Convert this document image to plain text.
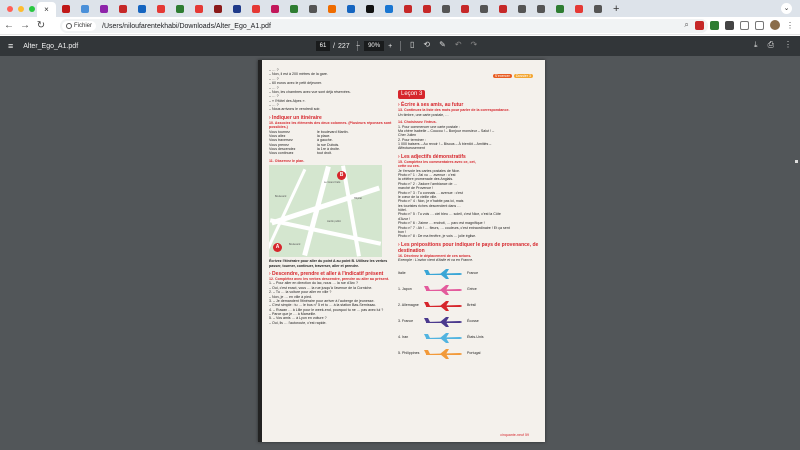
×	+	⌄
← → ↻	Fichier /Users/niloufarentekhabi/Downloads/Alter_Ego_A1.pdf	⌕	⋮
≡ Alter_Ego_A1.pdf	61 / 227 −	90%	+ ▯ ⟲ ✎ ↶ ↷	⤓ ⎙ ⋮
S'exercer	Dossier 3
– … ?
– Non, il est à 200 mètres de la gare.
– … ?
– 60 euros avec le petit déjeuner.
– … ?
– Non, les chambres avec vue sont déjà réservées.
– … ?
– « l'Hôtel des Alpes ».
– … ?
– Nous arrivons le vendredi soir.
› Indiquer un itinéraire
10. Associez les éléments des deux colonnes. (Plusieurs réponses sont possibles.)
Vous tournez	le boulevard Martin.
Vous allez	la place.
Vous traversez	à gauche.
Vous prenez	la rue Dubois.
Vous descendez	la 1re à droite.
Vous continuez	tout droit.
11. Observez le plan.
Boulevard
Le Grand Café
Jardin public
Boulevard
Hôpital
A
B
Écrivez l'itinéraire pour aller du point A au point B. Utilisez les verbes passer, tourner, continuer, traverser, aller et prendre.
› Descendre, prendre et aller à l'indicatif présent
12. Complétez avec les verbes descendre, prendre ou aller au présent.
1. – Pour aller en direction du lac, nous … la rue d'Arc ?
– Oui, c'est exact, vous … la rue jusqu'à l'avenue de la Corniche.
2. – Tu … la voiture pour aller en ville ?
– Non, je … en ville à pied.
3. – Je demandent l'itinéraire pour arriver à l'auberge de jeunesse.
– C'est simple : tu … le bus n° 5 et tu … à la station Bas-Sernissac.
4. – Ruwan … à Lille pour le week-end, pourquoi tu ne … pas avec lui ?
– Parce que je … à Marseille.
5. – Vos amis … à Lyon en voiture ?
– Oui, ils … l'autoroute, c'est rapide.
Leçon 3
› Écrire à ses amis, au futur
13. Continuez la liste des mots pour parler de la correspondance.
Un timbre, une carte postale, …
14. Choisissez l'intrus.
1. Pour commencer une carte postale :
Ma chère Isabelle – Coucou ! – Bonjour monsieur – Salut ! –
Cher Julien
2. Pour terminer :
1 000 baisers – Au revoir ! – Bisous – À bientôt – Amitiés –
Affectueusement
› Les adjectifs démonstratifs
15. Complétez les commentaires avec ce, cet, cette ou ces.
Je t'envoie les cartes postales de Nice.
Photo n° 1 : J'ai vu … avenue : c'est
la célèbre promenade des Anglais.
Photo n° 2 : J'adore l'ambiance de …
marché de Provence !
Photo n° 3 : Tu connais … avenue : c'est
le cœur de la vieille ville.
Photo n° 4 : Non, je n'habite pas ici, mais
les touristes riches descendent dans …
hôtel.
Photo n° 5 : Tu vois … ciel bleu … soleil, c'est Nice, c'est la Côte
d'Azur !
Photo n° 6 : J'aime … endroit, … parc est magnifique !
Photo n° 7 : Ah ! … fleurs, … couleurs, c'est extraordinaire ! Et ça sent
bon !
Photo n° 8 : De ma fenêtre, je vois … jolie église.
› Les prépositions pour indiquer le pays de provenance, de destination
16. Décrivez le déplacement de ces avions.
Exemple : L'avion vient d'Italie et va en France.
Italie	France
1. Japon	Grèce
2. Allemagne	Brésil
3. France	Écosse
4. Iran	États-Unis
5. Philippines	Portugal
cinquante-neuf 59
